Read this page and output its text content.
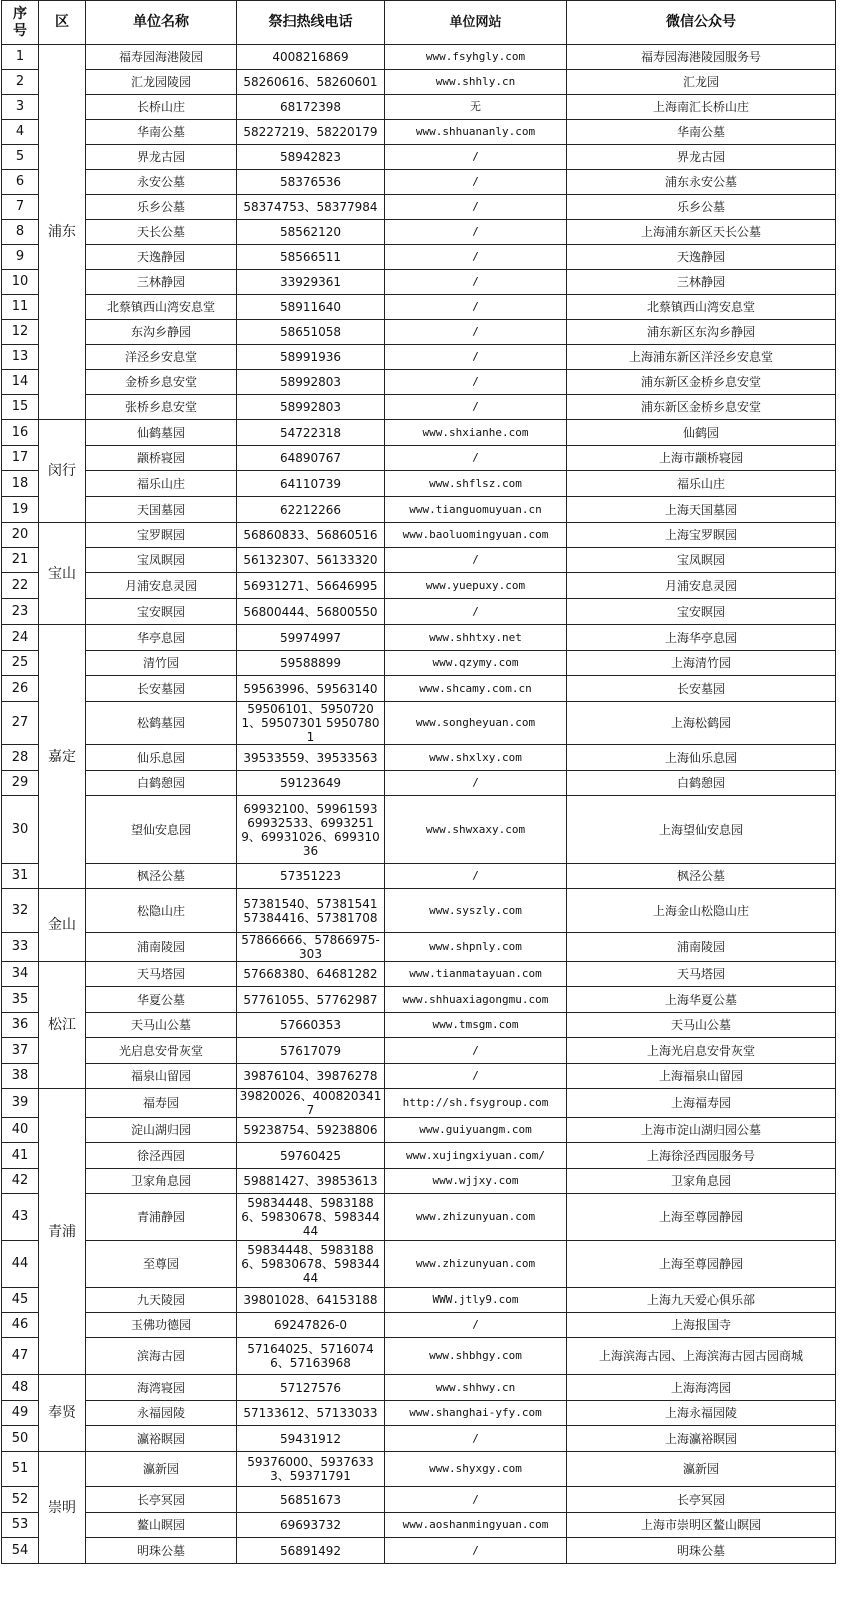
序号	区	单位名称	祭扫热线电话	单位网站	微信公众号
1	浦东	福寿园海港陵园	4008216869	www.fsyhgly.com	福寿园海港陵园服务号
2		汇龙园陵园	58260616、58260601	www.shhly.cn	汇龙园
3		长桥山庄	68172398	无	上海南汇长桥山庄
4		华南公墓	58227219、58220179	www.shhuananly.com	华南公墓
5		界龙古园	58942823	/	界龙古园
6		永安公墓	58376536	/	浦东永安公墓
7		乐乡公墓	58374753、58377984	/	乐乡公墓
8		天长公墓	58562120	/	上海浦东新区天长公墓
9		天逸静园	58566511	/	天逸静园
10		三林静园	33929361	/	三林静园
11		北蔡镇西山湾安息堂	58911640	/	北蔡镇西山湾安息堂
12		东沟乡静园	58651058	/	浦东新区东沟乡静园
13		洋泾乡安息堂	58991936	/	上海浦东新区洋泾乡安息堂
14		金桥乡息安堂	58992803	/	浦东新区金桥乡息安堂
15		张桥乡息安堂	58992803	/	浦东新区金桥乡息安堂
16	闵行	仙鹤墓园	54722318	www.shxianhe.com	仙鹤园
17		颛桥寝园	64890767	/	上海市颛桥寝园
18		福乐山庄	64110739	www.shflsz.com	福乐山庄
19		天国墓园	62212266	www.tianguomuyuan.cn	上海天国墓园
20	宝山	宝罗瞑园	56860833、56860516	www.baoluomingyuan.com	上海宝罗瞑园
21		宝凤瞑园	56132307、56133320	/	宝凤瞑园
22		月浦安息灵园	56931271、56646995	www.yuepuxy.com	月浦安息灵园
23		宝安瞑园	56800444、56800550	/	宝安瞑园
24	嘉定	华亭息园	59974997	www.shhtxy.net	上海华亭息园
25		清竹园	59588899	www.qzymy.com	上海清竹园
26		长安墓园	59563996、59563140	www.shcamy.com.cn	长安墓园
27		松鹤墓园	59506101、59507201、59507301 59507801	www.songheyuan.com	上海松鹤园
28		仙乐息园	39533559、39533563	www.shxlxy.com	上海仙乐息园
29		白鹤憩园	59123649	/	白鹤憩园
30		望仙安息园	69932100、59961593 69932533、69932519、69931026、69931036	www.shwxaxy.com	上海望仙安息园
31		枫泾公墓	57351223	/	枫泾公墓
32	金山	松隐山庄	57381540、57381541 57384416、57381708	www.syszly.com	上海金山松隐山庄
33		浦南陵园	57866666、57866975-303	www.shpnly.com	浦南陵园
34	松江	天马塔园	57668380、64681282	www.tianmatayuan.com	天马塔园
35		华夏公墓	57761055、57762987	www.shhuaxiagongmu.com	上海华夏公墓
36		天马山公墓	57660353	www.tmsgm.com	天马山公墓
37		光启息安骨灰堂	57617079	/	上海光启息安骨灰堂
38		福泉山留园	39876104、39876278	/	上海福泉山留园
39	青浦	福寿园	39820026、4008203417	http://sh.fsygroup.com	上海福寿园
40		淀山湖归园	59238754、59238806	www.guiyuangm.com	上海市淀山湖归园公墓
41		徐泾西园	59760425	www.xujingxiyuan.com/	上海徐泾西园服务号
42		卫家角息园	59881427、39853613	www.wjjxy.com	卫家角息园
43		青浦静园	59834448、59831886、59830678、59834444	www.zhizunyuan.com	上海至尊园静园
44		至尊园	59834448、59831886、59830678、59834444	www.zhizunyuan.com	上海至尊园静园
45		九天陵园	39801028、64153188	WWW.jtly9.com	上海九天爱心俱乐部
46		玉佛功德园	69247826-0	/	上海报国寺
47		滨海古园	57164025、57160746、57163968	www.shbhgy.com	上海滨海古园、上海滨海古园古园商城
48	奉贤	海湾寝园	57127576	www.shhwy.cn	上海海湾园
49		永福园陵	57133612、57133033	www.shanghai-yfy.com	上海永福园陵
50		瀛裕瞑园	59431912	/	上海瀛裕瞑园
51	崇明	瀛新园	59376000、59376333、59371791	www.shyxgy.com	瀛新园
52		长亭冥园	56851673	/	长亭冥园
53		鳌山瞑园	69693732	www.aoshanmingyuan.com	上海市崇明区鳌山瞑园
54		明珠公墓	56891492	/	明珠公墓
